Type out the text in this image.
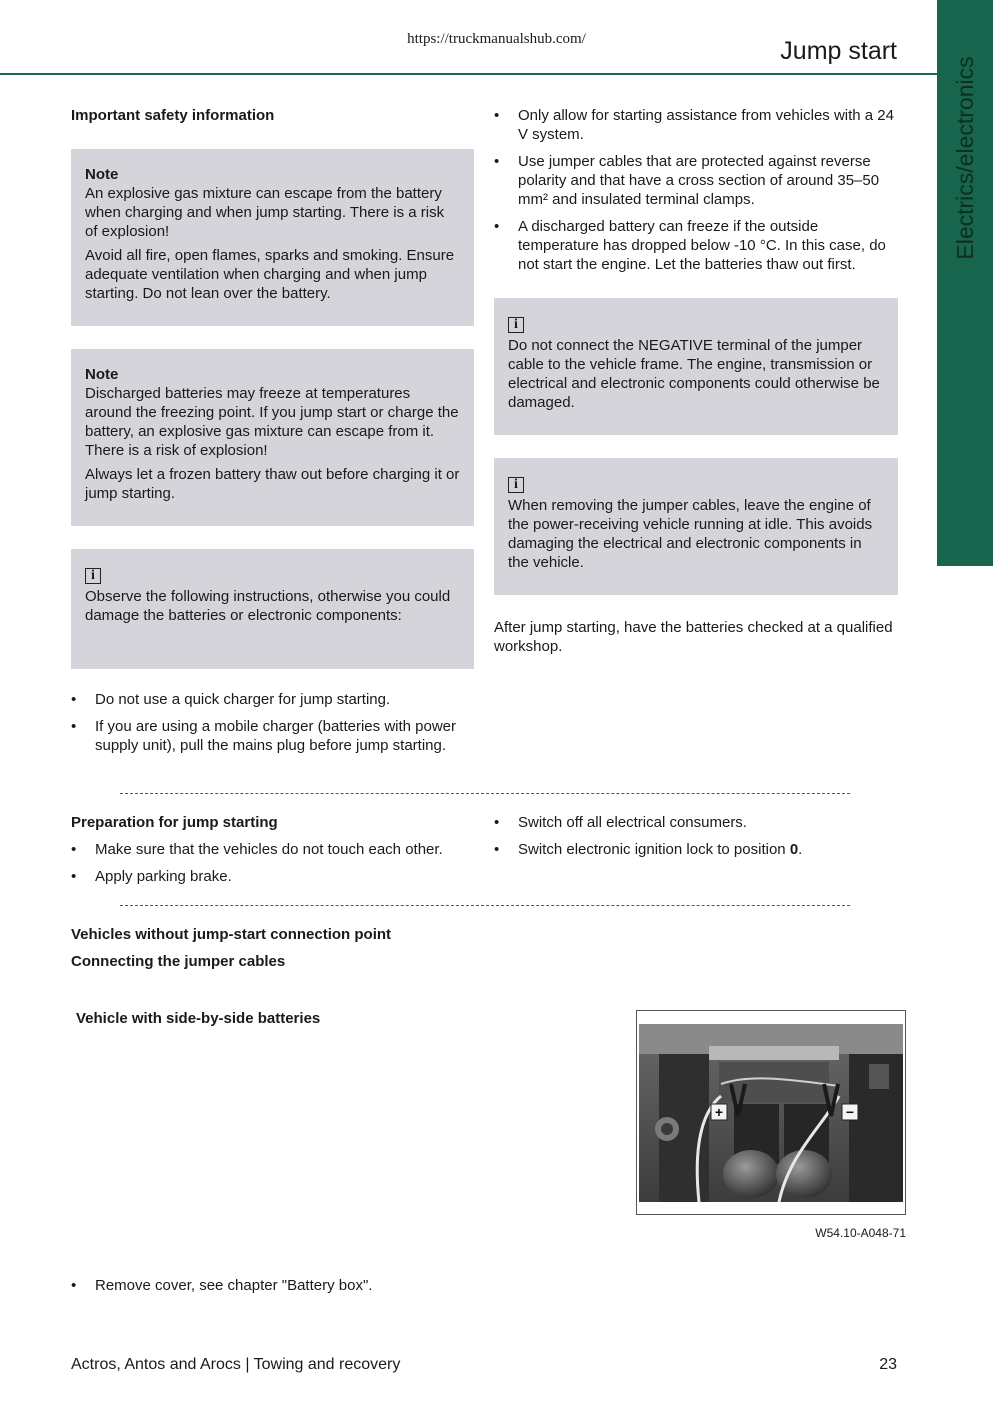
https://truckmanualshub.com/	Jump start
Electrics/electronics

Important safety information

Note

An explosive gas mixture can escape from the battery when charging and when jump starting. There is a risk of explosion!

Avoid all fire, open flames, sparks and smoking. Ensure adequate ventilation when charging and when jump starting. Do not lean over the battery.

Note

Discharged batteries may freeze at temperatures around the freezing point. If you jump start or charge the battery, an explosive gas mixture can escape from it. There is a risk of explosion!

Always let a frozen battery thaw out before charging it or jump starting.

i

Observe the following instructions, otherwise you could damage the batteries or electronic components:

• Do not use a quick charger for jump starting.
• If you are using a mobile charger (batteries with power supply unit), pull the mains plug before jump starting.
• Only allow for starting assistance from vehicles with a 24 V system.
• Use jumper cables that are protected against reverse polarity and that have a cross section of around 35–50 mm² and insulated terminal clamps.
• A discharged battery can freeze if the outside temperature has dropped below -10 °C. In this case, do not start the engine. Let the batteries thaw out first.
i

Do not connect the NEGATIVE terminal of the jumper cable to the vehicle frame. The engine, transmission or electrical and electronic components could otherwise be damaged.

i

When removing the jumper cables, leave the engine of the power-receiving vehicle running at idle. This avoids damaging the electrical and electronic components in the vehicle.

After jump starting, have the batteries checked at a qualified workshop.

Preparation for jump starting

• Make sure that the vehicles do not touch each other.
• Apply parking brake.
• Switch off all electrical consumers.
• Switch electronic ignition lock to position 0.

Vehicles without jump-start connection point

Connecting the jumper cables

Vehicle with side-by-side batteries

+	−
W54.10-A048-71
• Remove cover, see chapter "Battery box".
Actros, Antos and Arocs | Towing and recovery	23
